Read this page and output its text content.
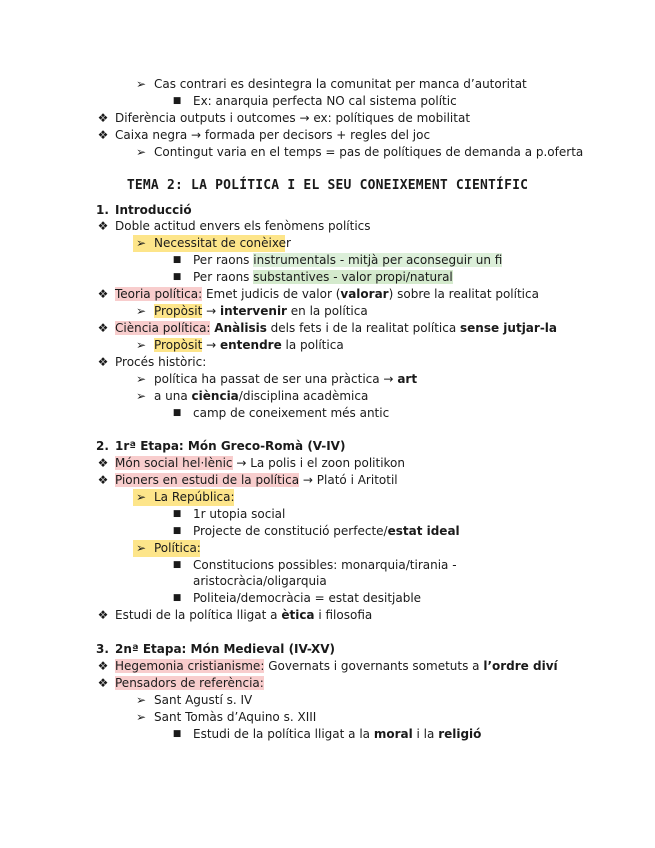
➢ Cas contrari es desintegra la comunitat per manca d’autoritat
■ Ex: anarquia perfecta NO cal sistema polític
❖ Diferència outputs i outcomes → ex: polítiques de mobilitat
❖ Caixa negra → formada per decisors + regles del joc
➢ Contingut varia en el temps = pas de polítiques de demanda a p.oferta
TEMA 2: LA POLÍTICA I EL SEU CONEIXEMENT CIENTÍFIC
1. Introducció
❖ Doble actitud envers els fenòmens polítics

➢ Necessitat de conèixer
■ Per raons instrumentals - mitjà per aconseguir un fi
■ Per raons substantives - valor propi/natural
❖ Teoria política: Emet judicis de valor (valorar) sobre la realitat política
➢ Propòsit → intervenir en la política
❖ Ciència política: Anàlisis dels fets i de la realitat política sense jutjar-la
➢ Propòsit → entendre la política
❖ Procés històric:
➢ política ha passat de ser una pràctica → art
➢ a una ciència/disciplina acadèmica
■ camp de coneixement més antic
2. 1rª Etapa: Món Greco-Romà (V-IV)
❖ Món social hel·lènic → La polis i el zoon politikon
❖ Pioners en estudi de la política → Plató i Aritotil

➢ La República:
■ 1r utopia social
■ Projecte de constitució perfecte/estat ideal

➢ Política:
■ Constitucions possibles: monarquia/tirania -
aristocràcia/oligarquia
■ Politeia/democràcia = estat desitjable
❖ Estudi de la política lligat a ètica i filosofia
3. 2nª Etapa: Món Medieval (IV-XV)
❖ Hegemonia cristianisme: Governats i governants sometuts a l’ordre diví
❖ Pensadors de referència:
➢ Sant Agustí s. IV
➢ Sant Tomàs d’Aquino s. XIII
■ Estudi de la política lligat a la moral i la religió
